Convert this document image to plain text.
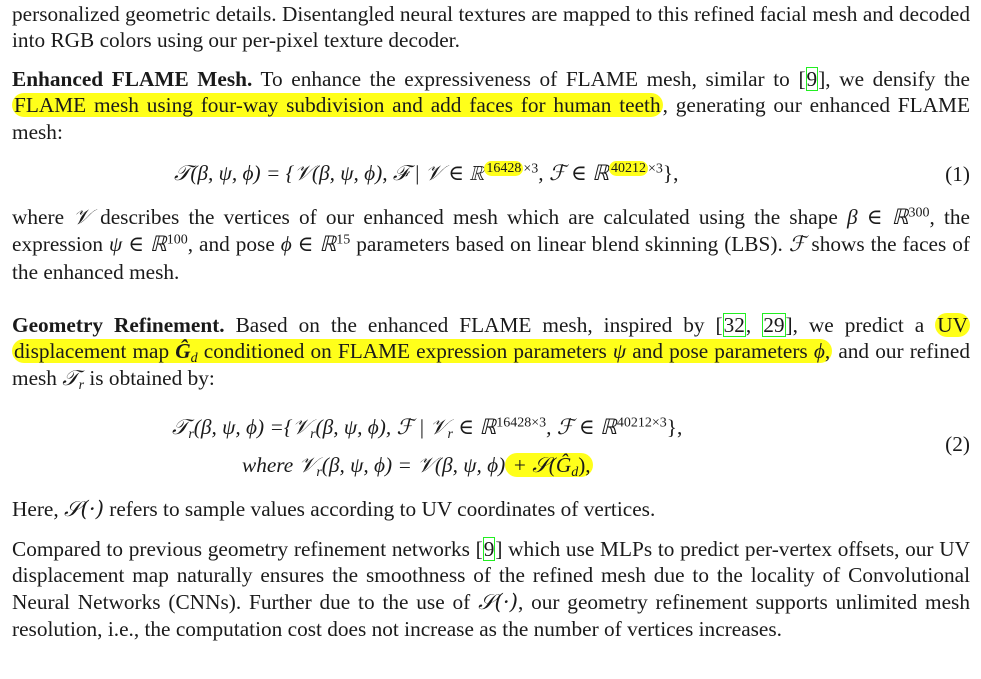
personalized geometric details. Disentangled neural textures are mapped to this refined facial mesh and decoded into RGB colors using our per-pixel texture decoder.

Enhanced FLAME Mesh. To enhance the expressiveness of FLAME mesh, similar to [9], we densify the FLAME mesh using four-way subdivision and add faces for human teeth, generating our enhanced FLAME mesh:

𝒯(β, ψ, ϕ) = {𝒱(β, ψ, ϕ), ℱ | 𝒱 ∈ ℝ $^{16428 \times 3}$, ℱ ∈ ℝ $^{40212 \times 3}$},	(1)

where 𝒱 describes the vertices of our enhanced mesh which are calculated using the shape β ∈ ℝ$^{300}$, the expression ψ ∈ ℝ$^{100}$, and pose ϕ ∈ ℝ$^{15}$ parameters based on linear blend skinning (LBS). ℱ shows the faces of the enhanced mesh.

Geometry Refinement. Based on the enhanced FLAME mesh, inspired by [32, 29], we predict a UV displacement map $Ĝ_d$ conditioned on FLAME expression parameters ψ and pose parameters ϕ, and our refined mesh 𝒯$_r$ is obtained by:

𝒯$_r$(β, ψ, ϕ) ={𝒱$_r$(β, ψ, ϕ), ℱ | 𝒱$_r$ ∈ ℝ$^{16428\times 3}$, ℱ ∈ ℝ$^{40212\times 3}$},
where 𝒱$_r$(β, ψ, ϕ) = 𝒱(β, ψ, $\phi) + 𝒮(Ĝ_d)$,
(2)

Here, 𝒮(·) refers to sample values according to UV coordinates of vertices.

Compared to previous geometry refinement networks [9] which use MLPs to predict per-vertex offsets, our UV displacement map naturally ensures the smoothness of the refined mesh due to the locality of Convolutional Neural Networks (CNNs). Further due to the use of 𝒮(·), our geometry refinement supports unlimited mesh resolution, i.e., the computation cost does not increase as the number of vertices increases.
